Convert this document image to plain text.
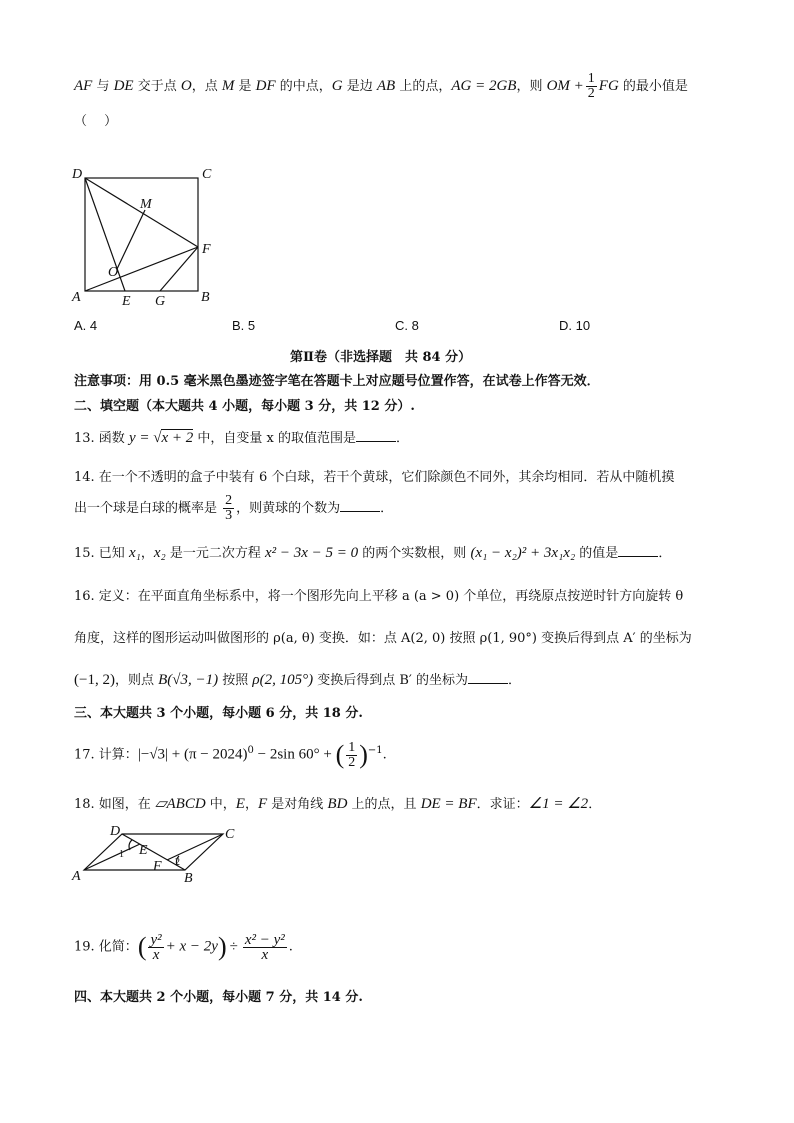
AF 与 DE 交于点 O，点 M 是 DF 的中点，G 是边 AB 上的点，AG = 2GB，则 OM + $\frac{1}{2}$ FG 的最小值是
（　 ）
D	C
M
F
O
A	E G	B
A. 4	B. 5	C. 8	D. 10
第Ⅱ卷（非选择题　共 84 分）
注意事项：用 0.5 毫米黑色墨迹签字笔在答题卡上对应题号位置作答，在试卷上作答无效．
二、填空题（本大题共 4 小题，每小题 3 分，共 12 分）.
13. 函数 y = √x + 2 中，自变量 x 的取值范围是	．
14. 在一个不透明的盒子中装有 6 个白球，若干个黄球，它们除颜色不同外，其余均相同．若从中随机摸
出一个球是白球的概率是 $\frac{2}{3}$ ，则黄球的个数为	．
15. 已知 x₁，x₂ 是一元二次方程 x² − 3x − 5 = 0 的两个实数根，则 (x₁ − x₂)² + 3x₁x₂ 的值是	．
16. 定义：在平面直角坐标系中，将一个图形先向上平移 a (a > 0) 个单位，再绕原点按逆时针方向旋转 θ
角度，这样的图形运动叫做图形的 ρ(a, θ) 变换．如：点 A(2, 0) 按照 ρ(1, 90°) 变换后得到点 A′ 的坐标为
(−1, 2)，则点 B(√3, −1) 按照 ρ(2, 105°) 变换后得到点 B′ 的坐标为	．
三、本大题共 3 个小题，每小题 6 分，共 18 分.
17. 计算：$|-√3| + (\pi - 2024)^0 - 2\sin$ 60° + ( $\frac{1}{2} )^{-1}$.
18. 如图，在 ▱ABCD 中，E，F 是对角线 BD 上的点，且 DE = BF．求证：∠1 = ∠2．
D	C
E
F
A	B
1
2
19. 化简：( $\frac{\text{y²}}{x} + x - 2y) \div \frac{\text{x² − y²}}{x}$ .
四、本大题共 2 个小题，每小题 7 分，共 14 分.
